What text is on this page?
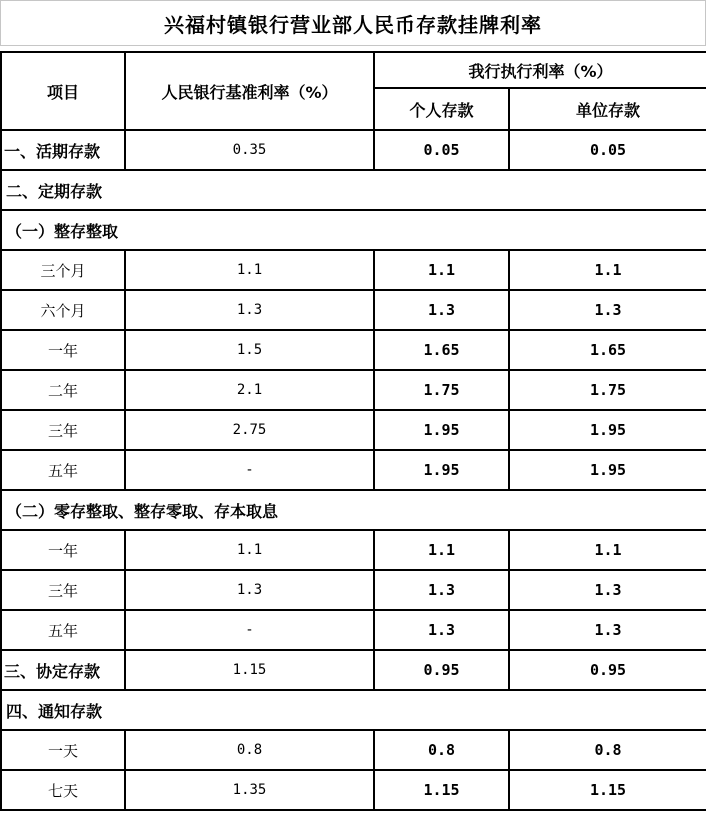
兴福村镇银行营业部人民币存款挂牌利率
项目	人民银行基准利率（%）	我行执行利率（%）	
		个人存款	单位存款
一、活期存款	0.35	0.05	0.05
二、定期存款			
（一）整存整取			
三个月	1.1	1.1	1.1
六个月	1.3	1.3	1.3
一年	1.5	1.65	1.65
二年	2.1	1.75	1.75
三年	2.75	1.95	1.95
五年	-	1.95	1.95
（二）零存整取、整存零取、存本取息			
一年	1.1	1.1	1.1
三年	1.3	1.3	1.3
五年	-	1.3	1.3
三、协定存款	1.15	0.95	0.95
四、通知存款			
一天	0.8	0.8	0.8
七天	1.35	1.15	1.15
